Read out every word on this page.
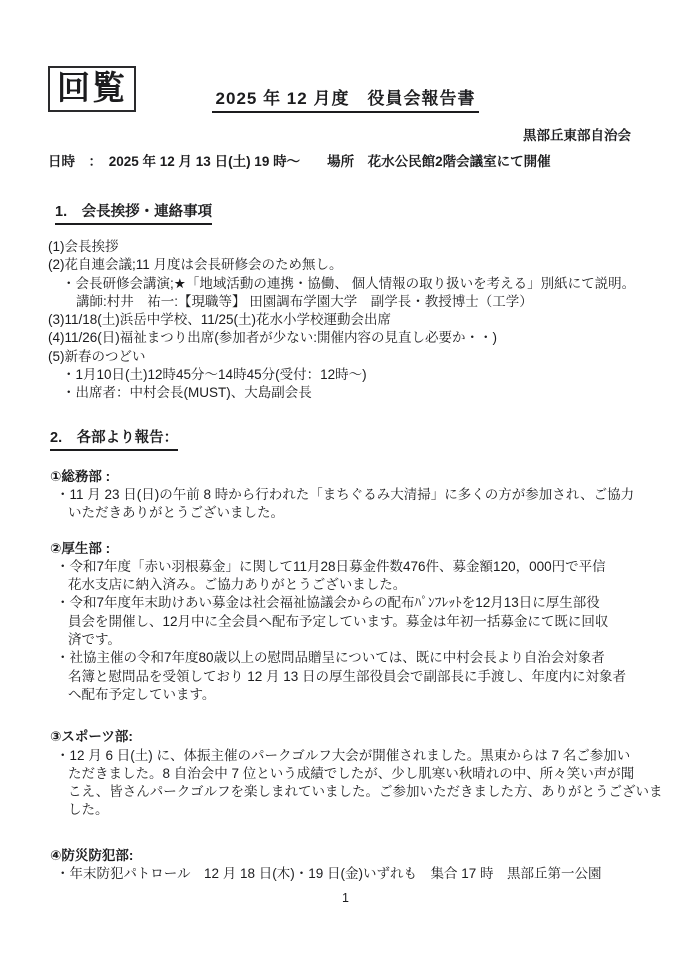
回覧	2025 年 12 月度　役員会報告書
黒部丘東部自治会
日時　：　2025 年 12 月 13 日(土) 19 時～　　場所　花水公民館2階会議室にて開催
1.　会長挨拶・連絡事項
(1)会長挨拶
(2)花自連会議;11 月度は会長研修会のため無し。
・会長研修会講演;★「地域活動の連携・協働、 個人情報の取り扱いを考える」別紙にて説明。
講師:村井　祐一:【現職等】 田園調布学園大学　副学長・教授博士（工学）
(3)11/18(土)浜岳中学校、11/25(土)花水小学校運動会出席
(4)11/26(日)福祉まつり出席(参加者が少ない:開催内容の見直し必要か・・)
(5)新春のつどい
・1月10日(土)12時45分～14時45分(受付：12時～)
・出席者：中村会長(MUST)、大島副会長
2.　各部より報告：
①総務部 :
・11 月 23 日(日)の午前 8 時から行われた「まちぐるみ大清掃」に多くの方が参加され、ご協力
いただきありがとうございました。
②厚生部 :
・令和7年度「赤い羽根募金」に関して11月28日募金件数476件、募金額120，000円で平信
花水支店に納入済み。ご協力ありがとうございました。
・令和7年度年末助けあい募金は社会福祉協議会からの配布ﾊﾟﾝﾌﾚｯﾄを12月13日に厚生部役
員会を開催し、12月中に全会員へ配布予定しています。募金は年初一括募金にて既に回収
済です。
・社協主催の令和7年度80歳以上の慰問品贈呈については、既に中村会長より自治会対象者
名簿と慰問品を受領しており 12 月 13 日の厚生部役員会で副部長に手渡し、年度内に対象者
へ配布予定しています。
③スポーツ部:
・12 月 6 日(土) に、体振主催のパークゴルフ大会が開催されました。黒東からは 7 名ご参加い
ただきました。8 自治会中 7 位という成績でしたが、少し肌寒い秋晴れの中、所々笑い声が聞
こえ、皆さんパークゴルフを楽しまれていました。ご参加いただきました方、ありがとうございま
した。
④防災防犯部:
・年末防犯パトロール　12 月 18 日(木)・19 日(金)いずれも　集合 17 時　黒部丘第一公園
1
